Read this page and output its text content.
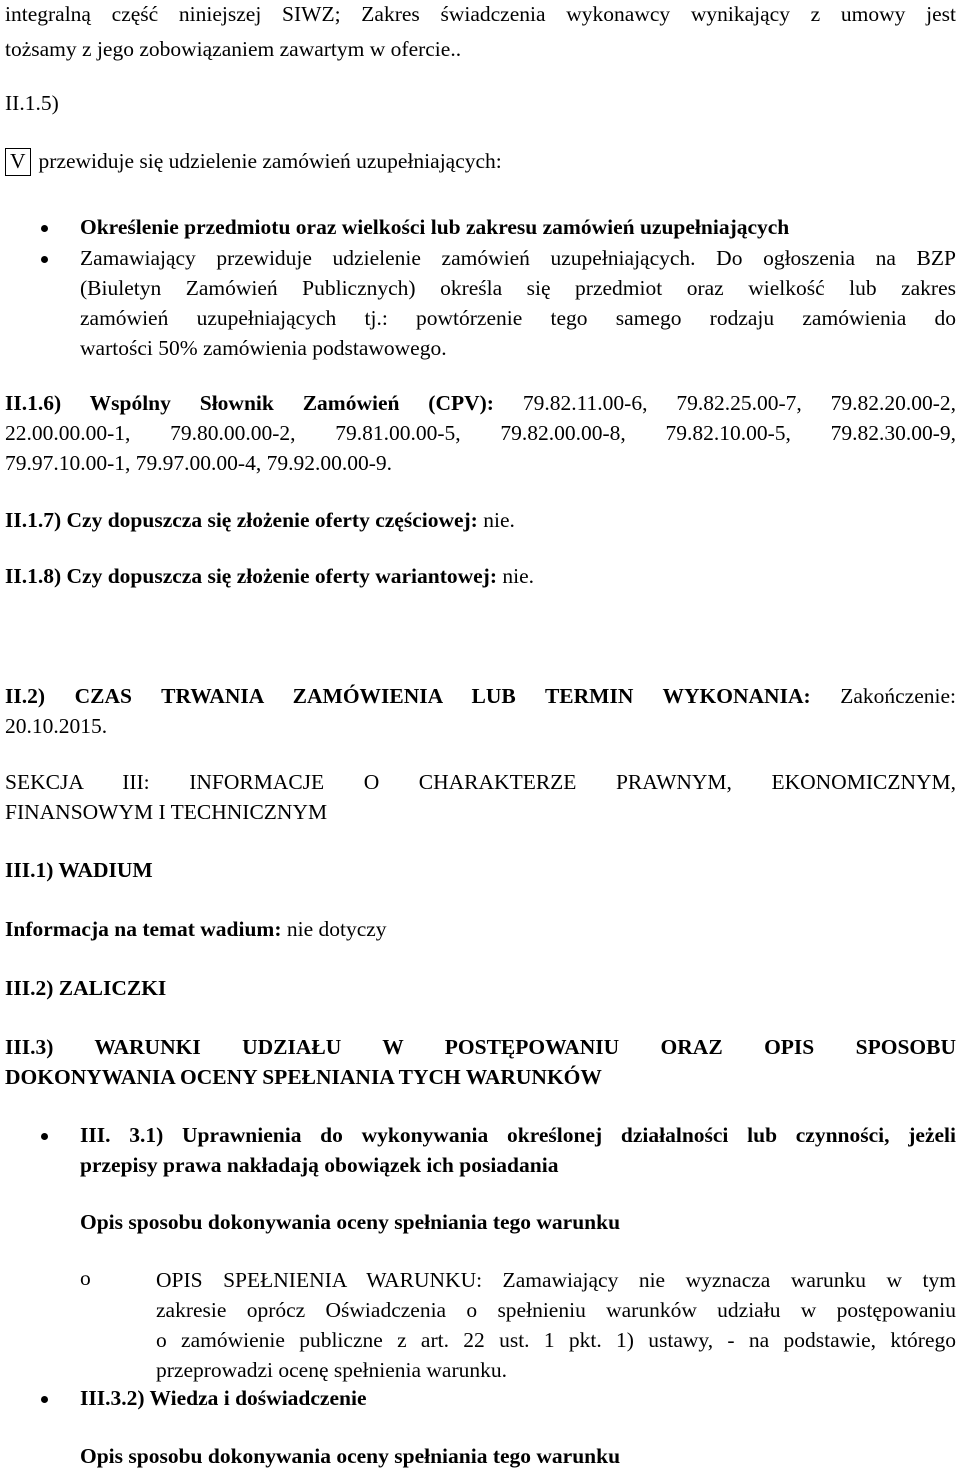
integralną część niniejszej SIWZ; Zakres świadczenia wykonawcy wynikający z umowy jest
tożsamy z jego zobowiązaniem zawartym w ofercie..
II.1.5)
V przewiduje się udzielenie zamówień uzupełniających:
Określenie przedmiotu oraz wielkości lub zakresu zamówień uzupełniających
Zamawiający przewiduje udzielenie zamówień uzupełniających. Do ogłoszenia na BZP
(Biuletyn Zamówień Publicznych) określa się przedmiot oraz wielkość lub zakres
zamówień uzupełniających tj.: powtórzenie tego samego rodzaju zamówienia do
wartości 50% zamówienia podstawowego.
II.1.6) Wspólny Słownik Zamówień (CPV): 79.82.11.00-6, 79.82.25.00-7, 79.82.20.00-2,
22.00.00.00-1, 79.80.00.00-2, 79.81.00.00-5, 79.82.00.00-8, 79.82.10.00-5, 79.82.30.00-9,
79.97.10.00-1, 79.97.00.00-4, 79.92.00.00-9.
II.1.7) Czy dopuszcza się złożenie oferty częściowej: nie.
II.1.8) Czy dopuszcza się złożenie oferty wariantowej: nie.
II.2) CZAS TRWANIA ZAMÓWIENIA LUB TERMIN WYKONANIA: Zakończenie:
20.10.2015.
SEKCJA III: INFORMACJE O CHARAKTERZE PRAWNYM, EKONOMICZNYM,
FINANSOWYM I TECHNICZNYM
III.1) WADIUM
Informacja na temat wadium: nie dotyczy
III.2) ZALICZKI
III.3) WARUNKI UDZIAŁU W POSTĘPOWANIU ORAZ OPIS SPOSOBU
DOKONYWANIA OCENY SPEŁNIANIA TYCH WARUNKÓW
III. 3.1) Uprawnienia do wykonywania określonej działalności lub czynności, jeżeli
przepisy prawa nakładają obowiązek ich posiadania
Opis sposobu dokonywania oceny spełniania tego warunku
o	OPIS SPEŁNIENIA WARUNKU: Zamawiający nie wyznacza warunku w tym
zakresie oprócz Oświadczenia o spełnieniu warunków udziału w postępowaniu
o zamówienie publiczne z art. 22 ust. 1 pkt. 1) ustawy, - na podstawie, którego
przeprowadzi ocenę spełnienia warunku.
III.3.2) Wiedza i doświadczenie
Opis sposobu dokonywania oceny spełniania tego warunku
